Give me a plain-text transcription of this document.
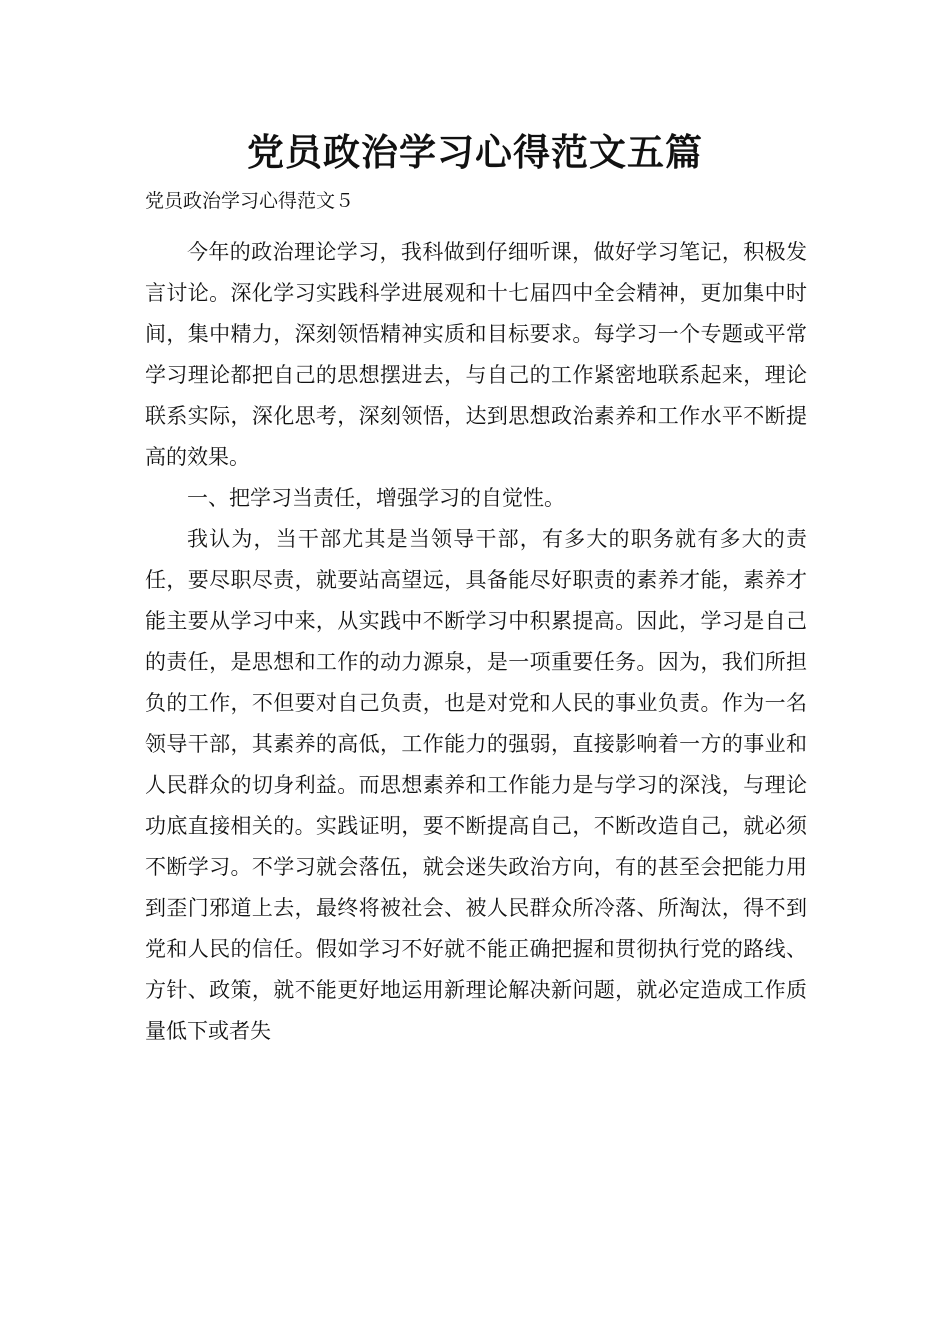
党员政治学习心得范文五篇

党员政治学习心得范文５

今年的政治理论学习，我科做到仔细听课，做好学习笔记，积极发言讨论。深化学习实践科学进展观和十七届四中全会精神，更加集中时间，集中精力，深刻领悟精神实质和目标要求。每学习一个专题或平常学习理论都把自己的思想摆进去，与自己的工作紧密地联系起来，理论联系实际，深化思考，深刻领悟，达到思想政治素养和工作水平不断提高的效果。

一、把学习当责任，增强学习的自觉性。

我认为，当干部尤其是当领导干部，有多大的职务就有多大的责任，要尽职尽责，就要站高望远，具备能尽好职责的素养才能，素养才能主要从学习中来，从实践中不断学习中积累提高。因此，学习是自己的责任，是思想和工作的动力源泉，是一项重要任务。因为，我们所担负的工作，不但要对自己负责，也是对党和人民的事业负责。作为一名领导干部，其素养的高低，工作能力的强弱，直接影响着一方的事业和人民群众的切身利益。而思想素养和工作能力是与学习的深浅，与理论功底直接相关的。实践证明，要不断提高自己，不断改造自己，就必须不断学习。不学习就会落伍，就会迷失政治方向，有的甚至会把能力用到歪门邪道上去，最终将被社会、被人民群众所冷落、所淘汰，得不到党和人民的信任。假如学习不好就不能正确把握和贯彻执行党的路线、方针、政策，就不能更好地运用新理论解决新问题，就必定造成工作质量低下或者失
